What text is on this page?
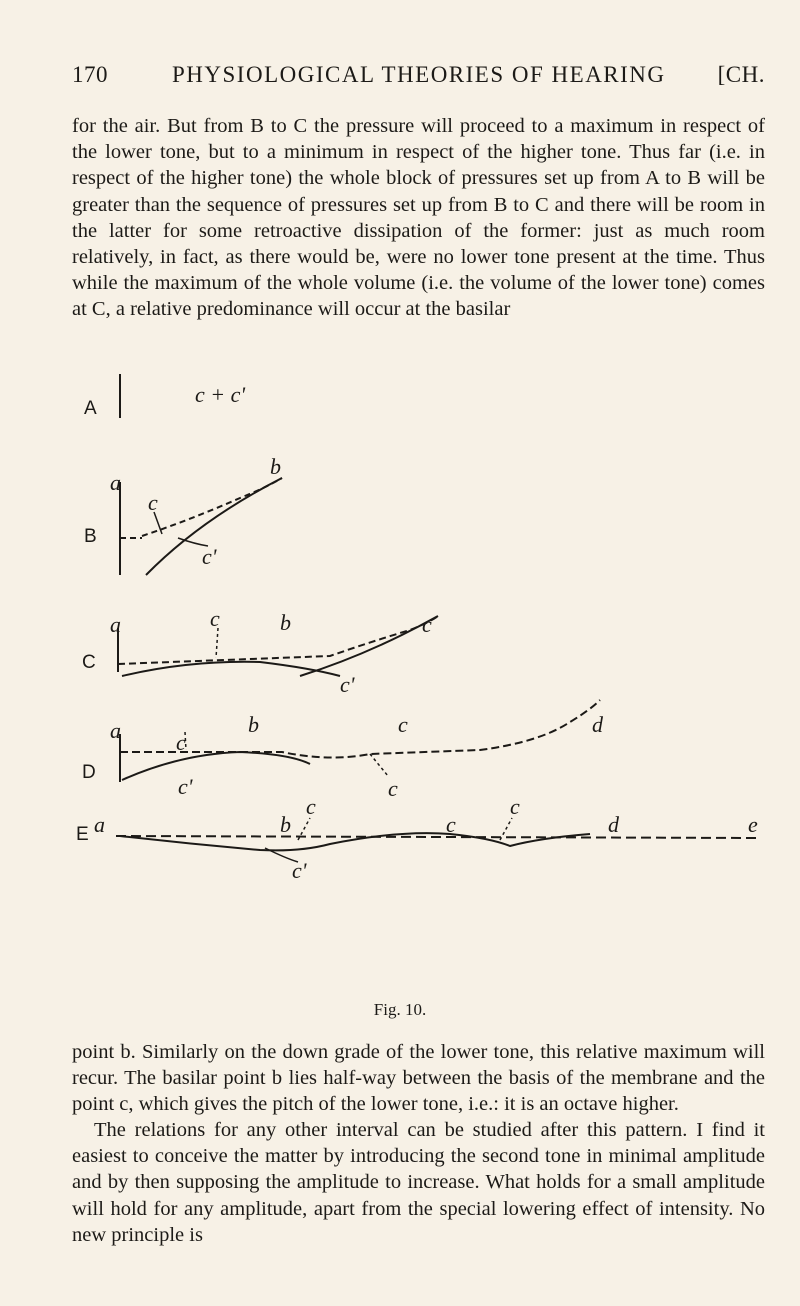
170	PHYSIOLOGICAL THEORIES OF HEARING [CH.

for the air. But from B to C the pressure will proceed to a maximum in respect of the lower tone, but to a minimum in respect of the higher tone. Thus far (i.e. in respect of the higher tone) the whole block of pressures set up from A to B will be greater than the sequence of pressures set up from B to C and there will be room in the latter for some retroactive dissipation of the former: just as much room relatively, in fact, as there would be, were no lower tone present at the time. Thus while the maximum of the whole volume (i.e. the volume of the lower tone) comes at C, a relative predominance will occur at the basilar

c + c'
A
B
C
D
E
a
b
c
c'
a	b	c
c
c'
a	b	c	d
c
c'	c
a	b
c
c
c
d	e
c'
Fig. 10.

point b. Similarly on the down grade of the lower tone, this relative maximum will recur. The basilar point b lies half-way between the basis of the membrane and the point c, which gives the pitch of the lower tone, i.e.: it is an octave higher.

The relations for any other interval can be studied after this pattern. I find it easiest to conceive the matter by introducing the second tone in minimal amplitude and by then supposing the amplitude to increase. What holds for a small amplitude will hold for any amplitude, apart from the special lowering effect of intensity. No new principle is
